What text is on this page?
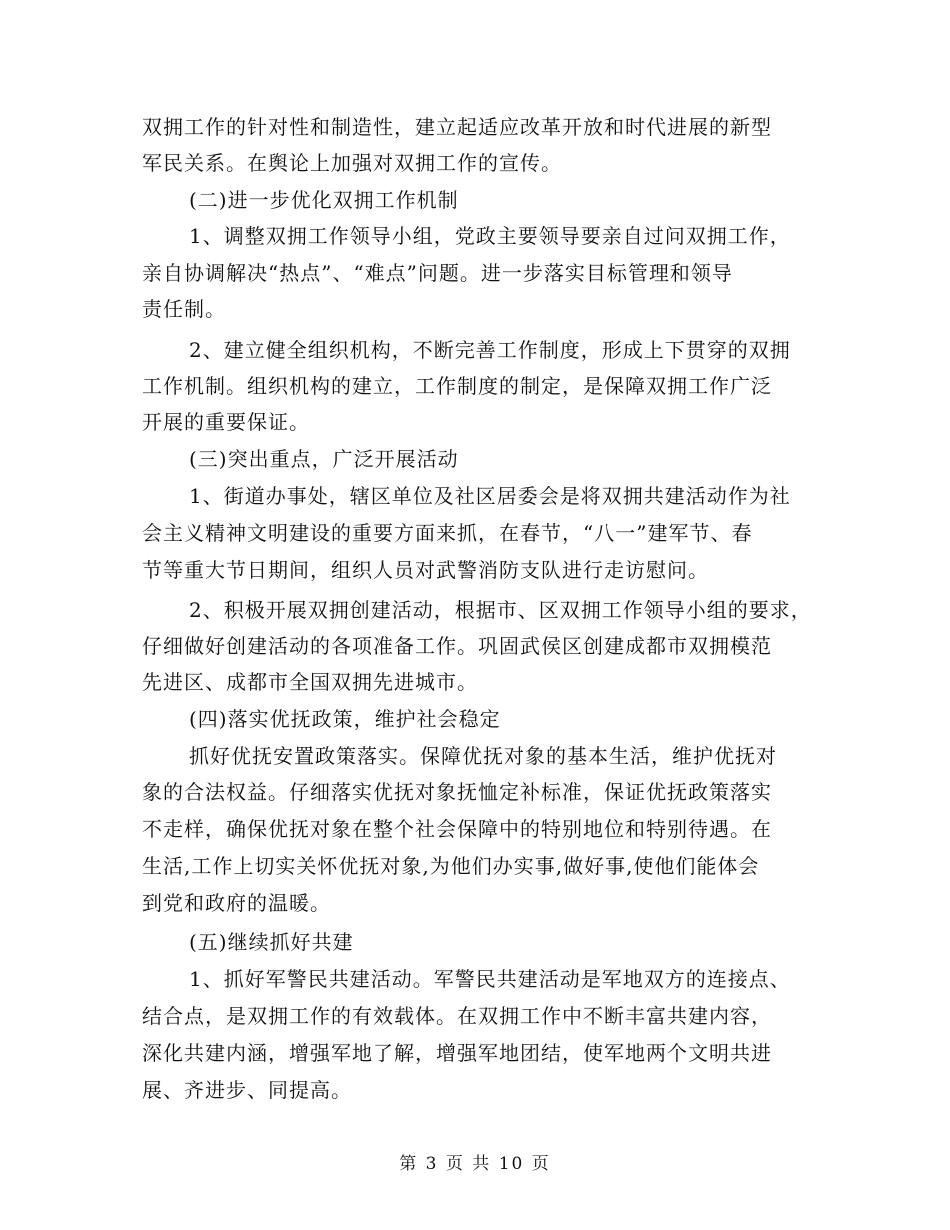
双拥工作的针对性和制造性，建立起适应改革开放和时代进展的新型
军民关系。在舆论上加强对双拥工作的宣传。
(二)进一步优化双拥工作机制
1、调整双拥工作领导小组，党政主要领导要亲自过问双拥工作，
亲自协调解决“热点”、“难点”问题。进一步落实目标管理和领导
责任制。
2、建立健全组织机构，不断完善工作制度，形成上下贯穿的双拥
工作机制。组织机构的建立，工作制度的制定，是保障双拥工作广泛
开展的重要保证。
(三)突出重点，广泛开展活动
1、街道办事处，辖区单位及社区居委会是将双拥共建活动作为社
会主义精神文明建设的重要方面来抓，在春节，“八一”建军节、春
节等重大节日期间，组织人员对武警消防支队进行走访慰问。
2、积极开展双拥创建活动，根据市、区双拥工作领导小组的要求，
仔细做好创建活动的各项准备工作。巩固武侯区创建成都市双拥模范
先进区、成都市全国双拥先进城市。
(四)落实优抚政策，维护社会稳定
抓好优抚安置政策落实。保障优抚对象的基本生活，维护优抚对
象的合法权益。仔细落实优抚对象抚恤定补标准，保证优抚政策落实
不走样，确保优抚对象在整个社会保障中的特别地位和特别待遇。在
生活,工作上切实关怀优抚对象,为他们办实事,做好事,使他们能体会
到党和政府的温暖。
(五)继续抓好共建
1、抓好军警民共建活动。军警民共建活动是军地双方的连接点、
结合点，是双拥工作的有效载体。在双拥工作中不断丰富共建内容，
深化共建内涵，增强军地了解，增强军地团结，使军地两个文明共进
展、齐进步、同提高。
第 3 页 共 10 页
